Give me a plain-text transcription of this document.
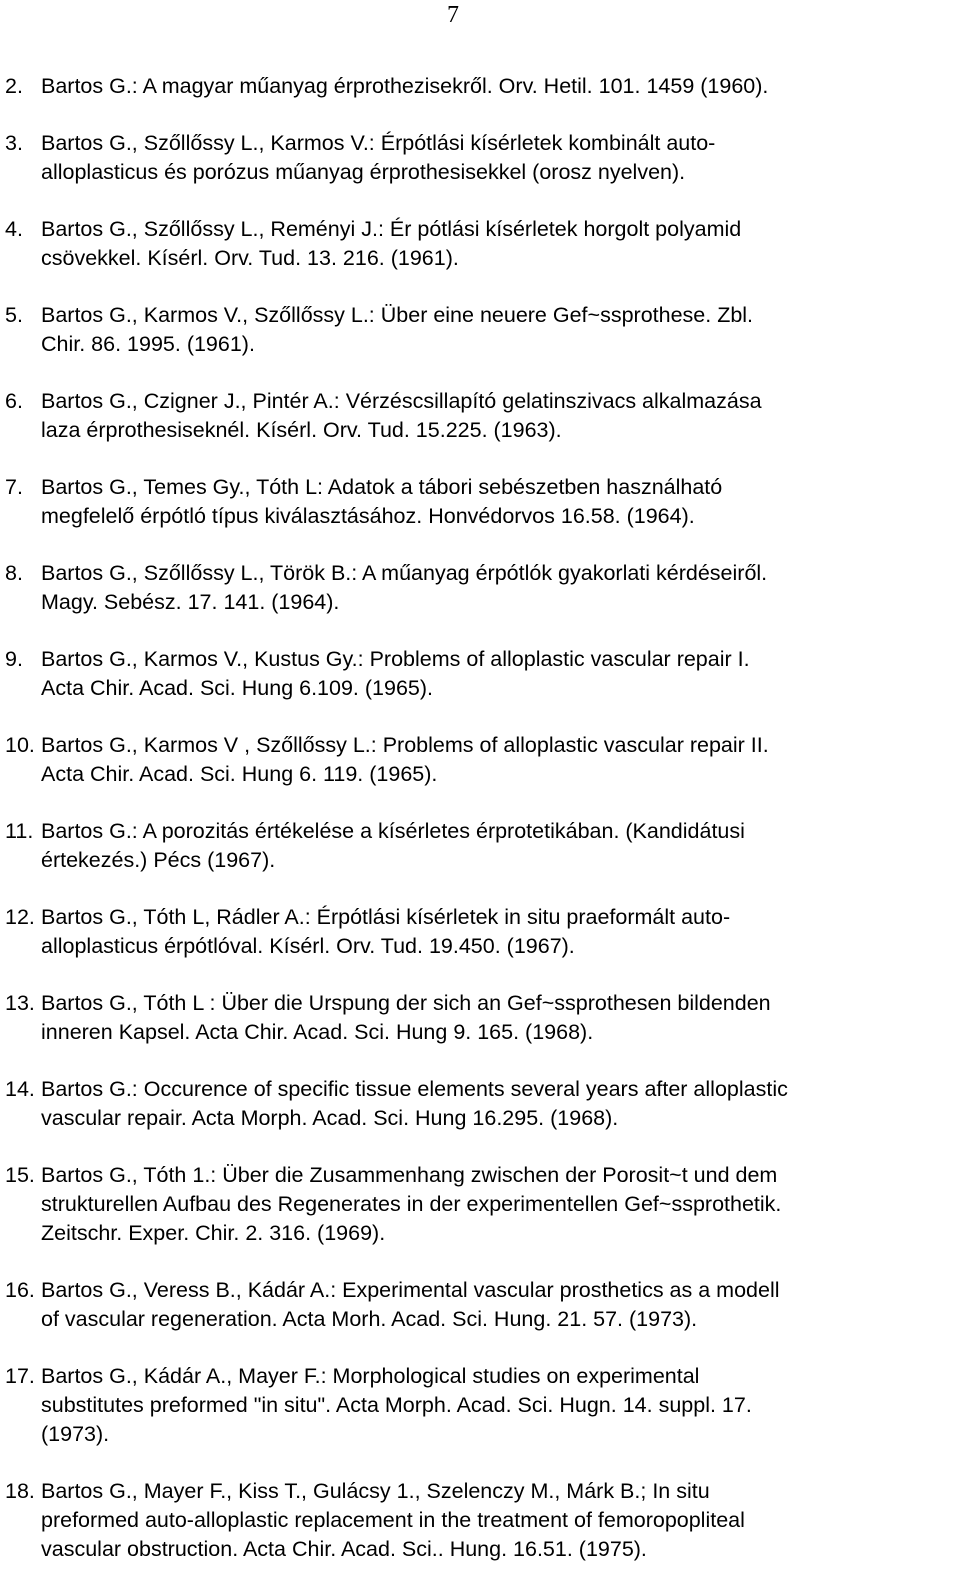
7
2. Bartos G.: A magyar műanyag érprothezisekről. Orv. Hetil. 101. 1459 (1960).
3. Bartos G., Szőllőssy L., Karmos V.: Érpótlási kísérletek kombinált auto-
alloplasticus és porózus műanyag érprothesisekkel (orosz nyelven).
4. Bartos G., Szőllőssy L., Reményi J.: Ér pótlási kísérletek horgolt polyamid
csövekkel. Kísérl. Orv. Tud. 13. 216. (1961).
5. Bartos G., Karmos V., Szőllőssy L.: Über eine neuere Gef~ssprothese. Zbl.
Chir. 86. 1995. (1961).
6. Bartos G., Czigner J., Pintér A.: Vérzéscsillapító gelatinszivacs alkalmazása
laza érprothesiseknél. Kísérl. Orv. Tud. 15.225. (1963).
7. Bartos G., Temes Gy., Tóth L: Adatok a tábori sebészetben használható
megfelelő érpótló típus kiválasztásához. Honvédorvos 16.58. (1964).
8. Bartos G., Szőllőssy L., Török B.: A műanyag érpótlók gyakorlati kérdéseiről.
Magy. Sebész. 17. 141. (1964).
9. Bartos G., Karmos V., Kustus Gy.: Problems of alloplastic vascular repair I.
Acta Chir. Acad. Sci. Hung 6.109. (1965).
10. Bartos G., Karmos V , Szőllőssy L.: Problems of alloplastic vascular repair II.
Acta Chir. Acad. Sci. Hung 6. 119. (1965).
11. Bartos G.: A porozitás értékelése a kísérletes érprotetikában. (Kandidátusi
értekezés.) Pécs (1967).
12. Bartos G., Tóth L, Rádler A.: Érpótlási kísérletek in situ praeformált auto-
alloplasticus érpótlóval. Kísérl. Orv. Tud. 19.450. (1967).
13. Bartos G., Tóth L : Über die Urspung der sich an Gef~ssprothesen bildenden
inneren Kapsel. Acta Chir. Acad. Sci. Hung 9. 165. (1968).
14. Bartos G.: Occurence of specific tissue elements several years after alloplastic
vascular repair. Acta Morph. Acad. Sci. Hung 16.295. (1968).
15. Bartos G., Tóth 1.: Über die Zusammenhang zwischen der Porosit~t und dem
strukturellen Aufbau des Regenerates in der experimentellen Gef~ssprothetik.
Zeitschr. Exper. Chir. 2. 316. (1969).
16. Bartos G., Veress B., Kádár A.: Experimental vascular prosthetics as a modell
of vascular regeneration. Acta Morh. Acad. Sci. Hung. 21. 57. (1973).
17. Bartos G., Kádár A., Mayer F.: Morphological studies on experimental
substitutes preformed "in situ". Acta Morph. Acad. Sci. Hugn. 14. suppl. 17.
(1973).
18. Bartos G., Mayer F., Kiss T., Gulácsy 1., Szelenczy M., Márk B.; In situ
preformed auto-alloplastic replacement in the treatment of femoropopliteal
vascular obstruction. Acta Chir. Acad. Sci.. Hung. 16.51. (1975).
